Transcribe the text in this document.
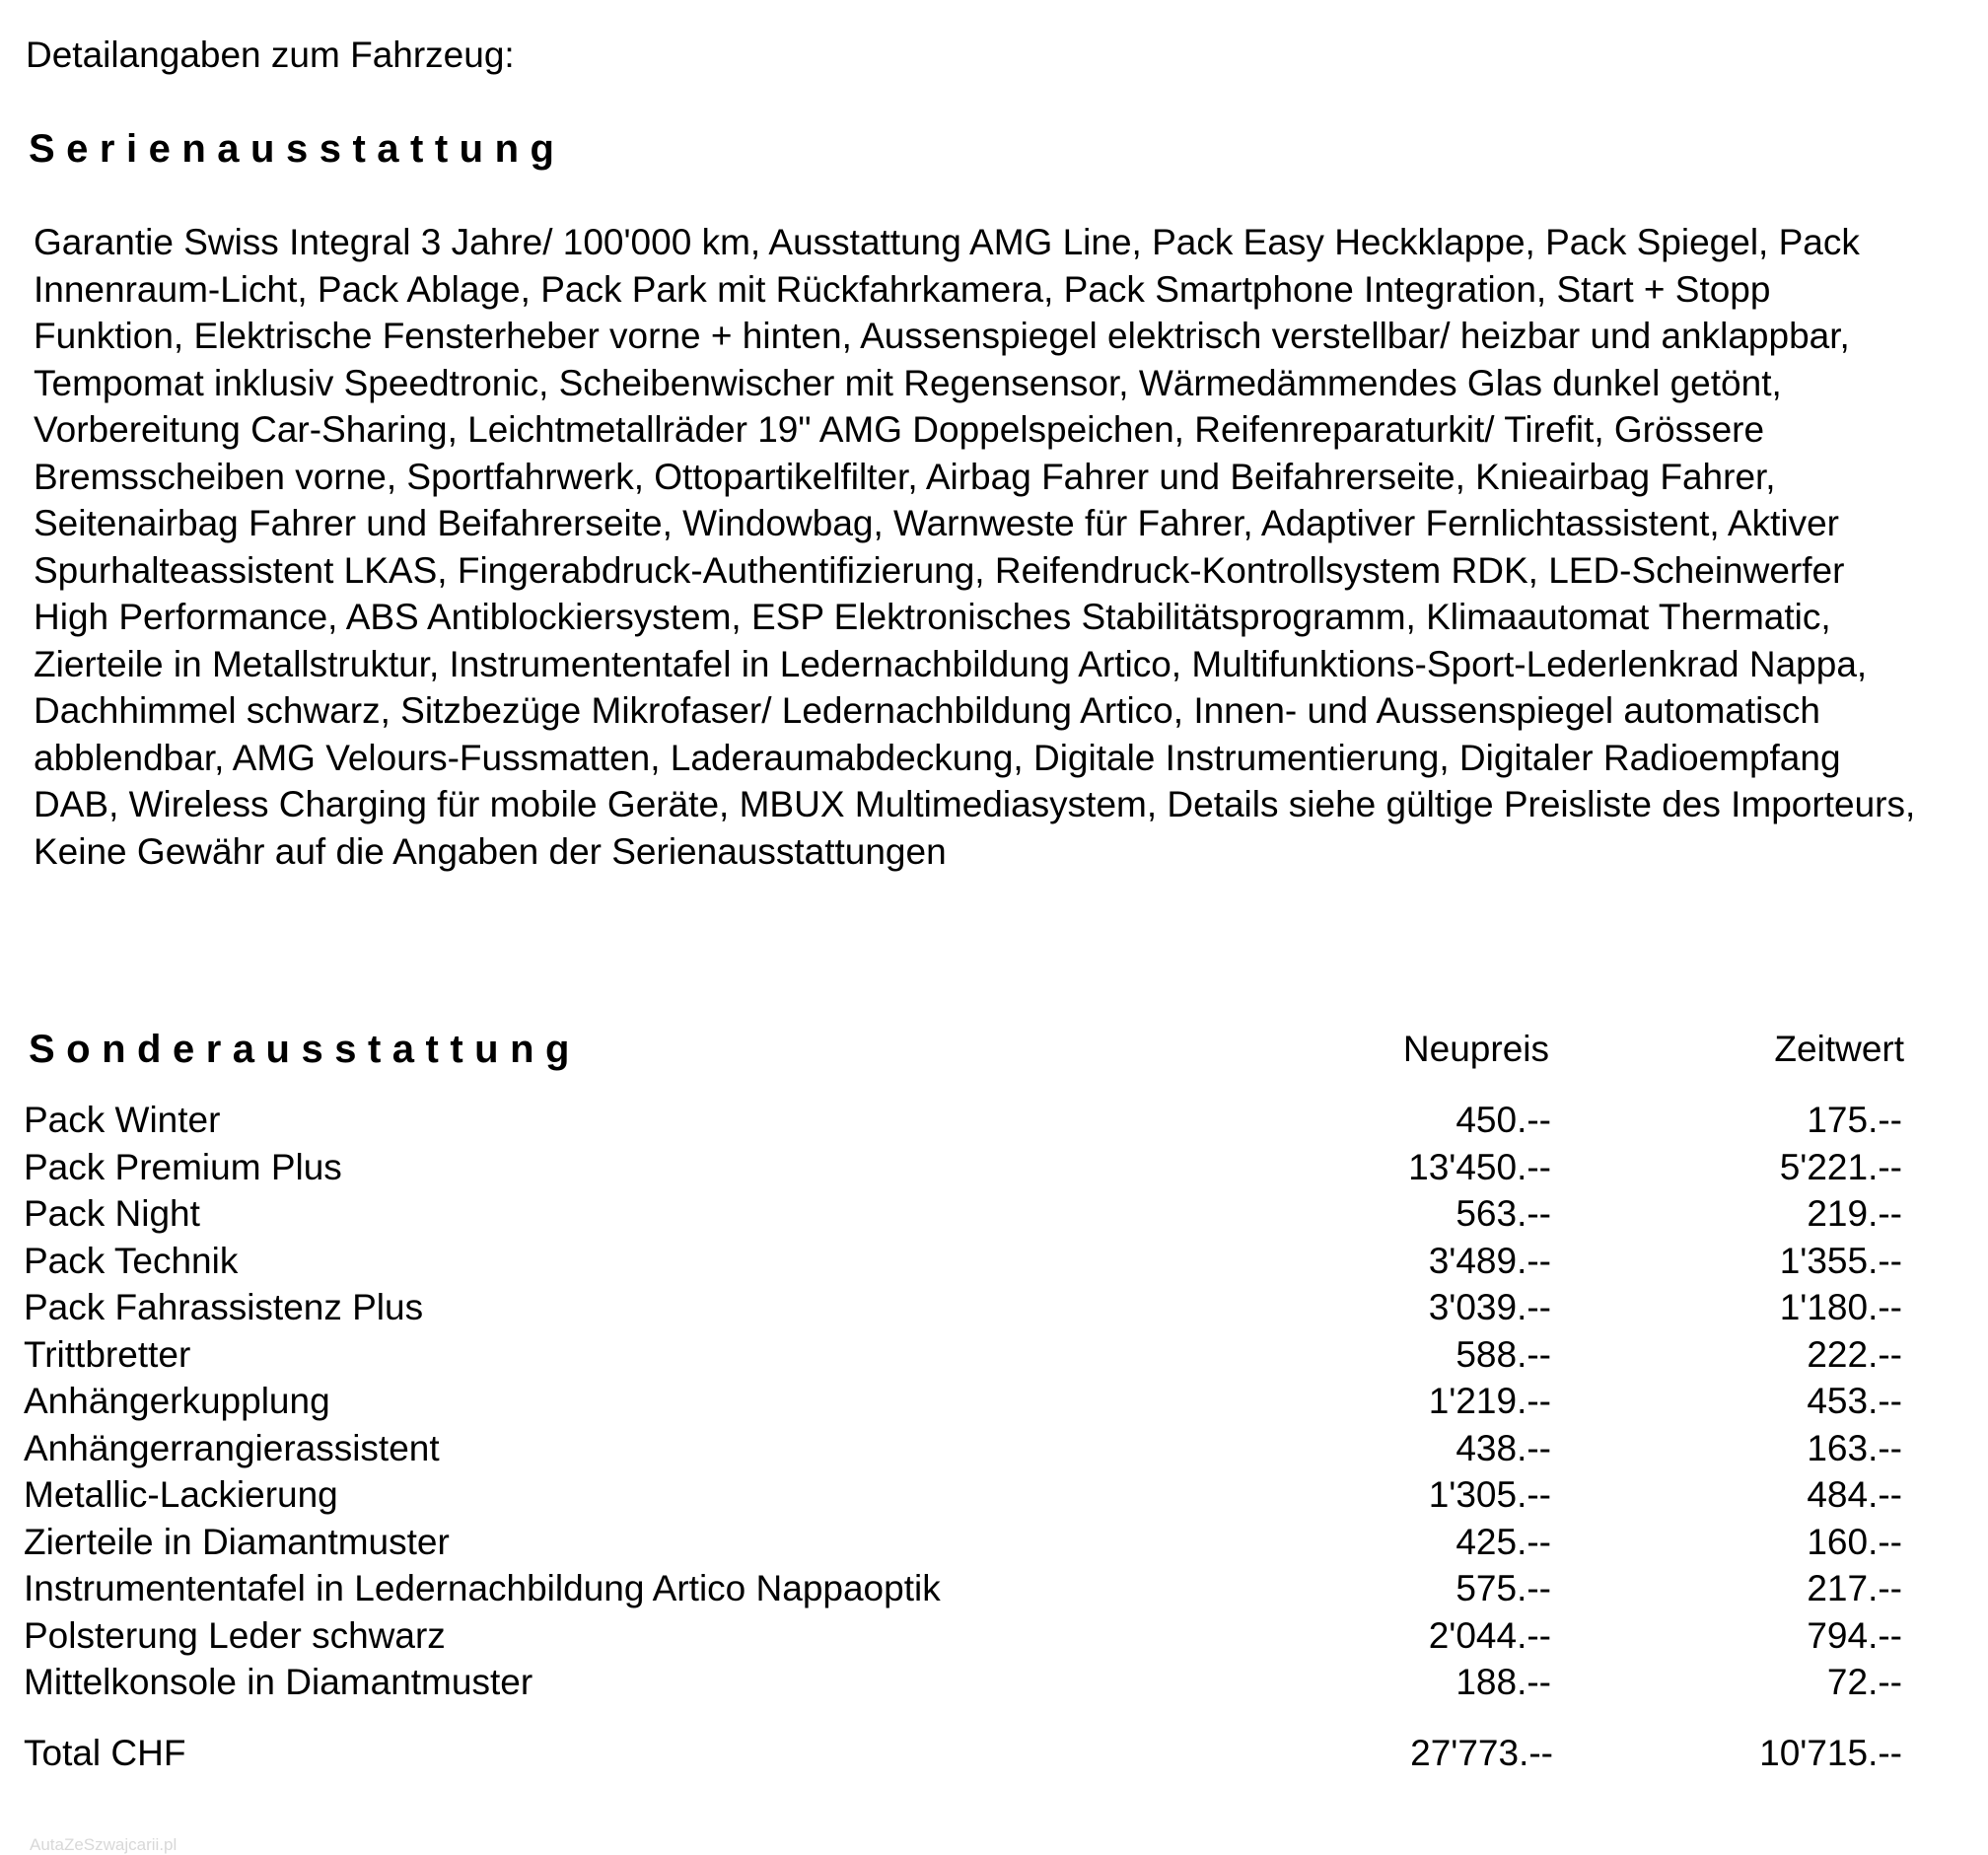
Detailangaben zum Fahrzeug:
Serienausstattung
Garantie Swiss Integral 3 Jahre/ 100'000 km, Ausstattung AMG Line, Pack Easy Heckklappe, Pack Spiegel, Pack Innenraum-Licht, Pack Ablage, Pack Park mit Rückfahrkamera, Pack Smartphone Integration, Start + Stopp Funktion, Elektrische Fensterheber vorne + hinten, Aussenspiegel elektrisch verstellbar/ heizbar und anklappbar, Tempomat inklusiv Speedtronic, Scheibenwischer mit Regensensor, Wärmedämmendes Glas dunkel getönt, Vorbereitung Car-Sharing, Leichtmetallräder 19" AMG Doppelspeichen, Reifenreparaturkit/ Tirefit, Grössere Bremsscheiben vorne, Sportfahrwerk, Ottopartikelfilter, Airbag Fahrer und Beifahrerseite, Knieairbag Fahrer, Seitenairbag Fahrer und Beifahrerseite, Windowbag, Warnweste für Fahrer, Adaptiver Fernlichtassistent, Aktiver Spurhalteassistent LKAS, Fingerabdruck-Authentifizierung, Reifendruck-Kontrollsystem RDK, LED-Scheinwerfer High Performance, ABS Antiblockiersystem, ESP Elektronisches Stabilitätsprogramm, Klimaautomat Thermatic, Zierteile in Metallstruktur, Instrumententafel in Ledernachbildung Artico, Multifunktions-Sport-Lederlenkrad Nappa, Dachhimmel schwarz, Sitzbezüge Mikrofaser/ Ledernachbildung Artico, Innen- und Aussenspiegel automatisch abblendbar, AMG Velours-Fussmatten, Laderaumabdeckung, Digitale Instrumentierung, Digitaler Radioempfang DAB, Wireless Charging für mobile Geräte, MBUX Multimediasystem, Details siehe gültige Preisliste des Importeurs, Keine Gewähr auf die Angaben der Serienausstattungen
Sonderausstattung	Neupreis	Zeitwert
Pack Winter	450.--	175.--
Pack Premium Plus	13'450.--	5'221.--
Pack Night	563.--	219.--
Pack Technik	3'489.--	1'355.--
Pack Fahrassistenz Plus	3'039.--	1'180.--
Trittbretter	588.--	222.--
Anhängerkupplung	1'219.--	453.--
Anhängerrangierassistent	438.--	163.--
Metallic-Lackierung	1'305.--	484.--
Zierteile in Diamantmuster	425.--	160.--
Instrumententafel in Ledernachbildung Artico Nappaoptik	575.--	217.--
Polsterung Leder schwarz	2'044.--	794.--
Mittelkonsole in Diamantmuster	188.--	72.--
Total CHF	27'773.--	10'715.--
AutaZeSzwajcarii.pl
